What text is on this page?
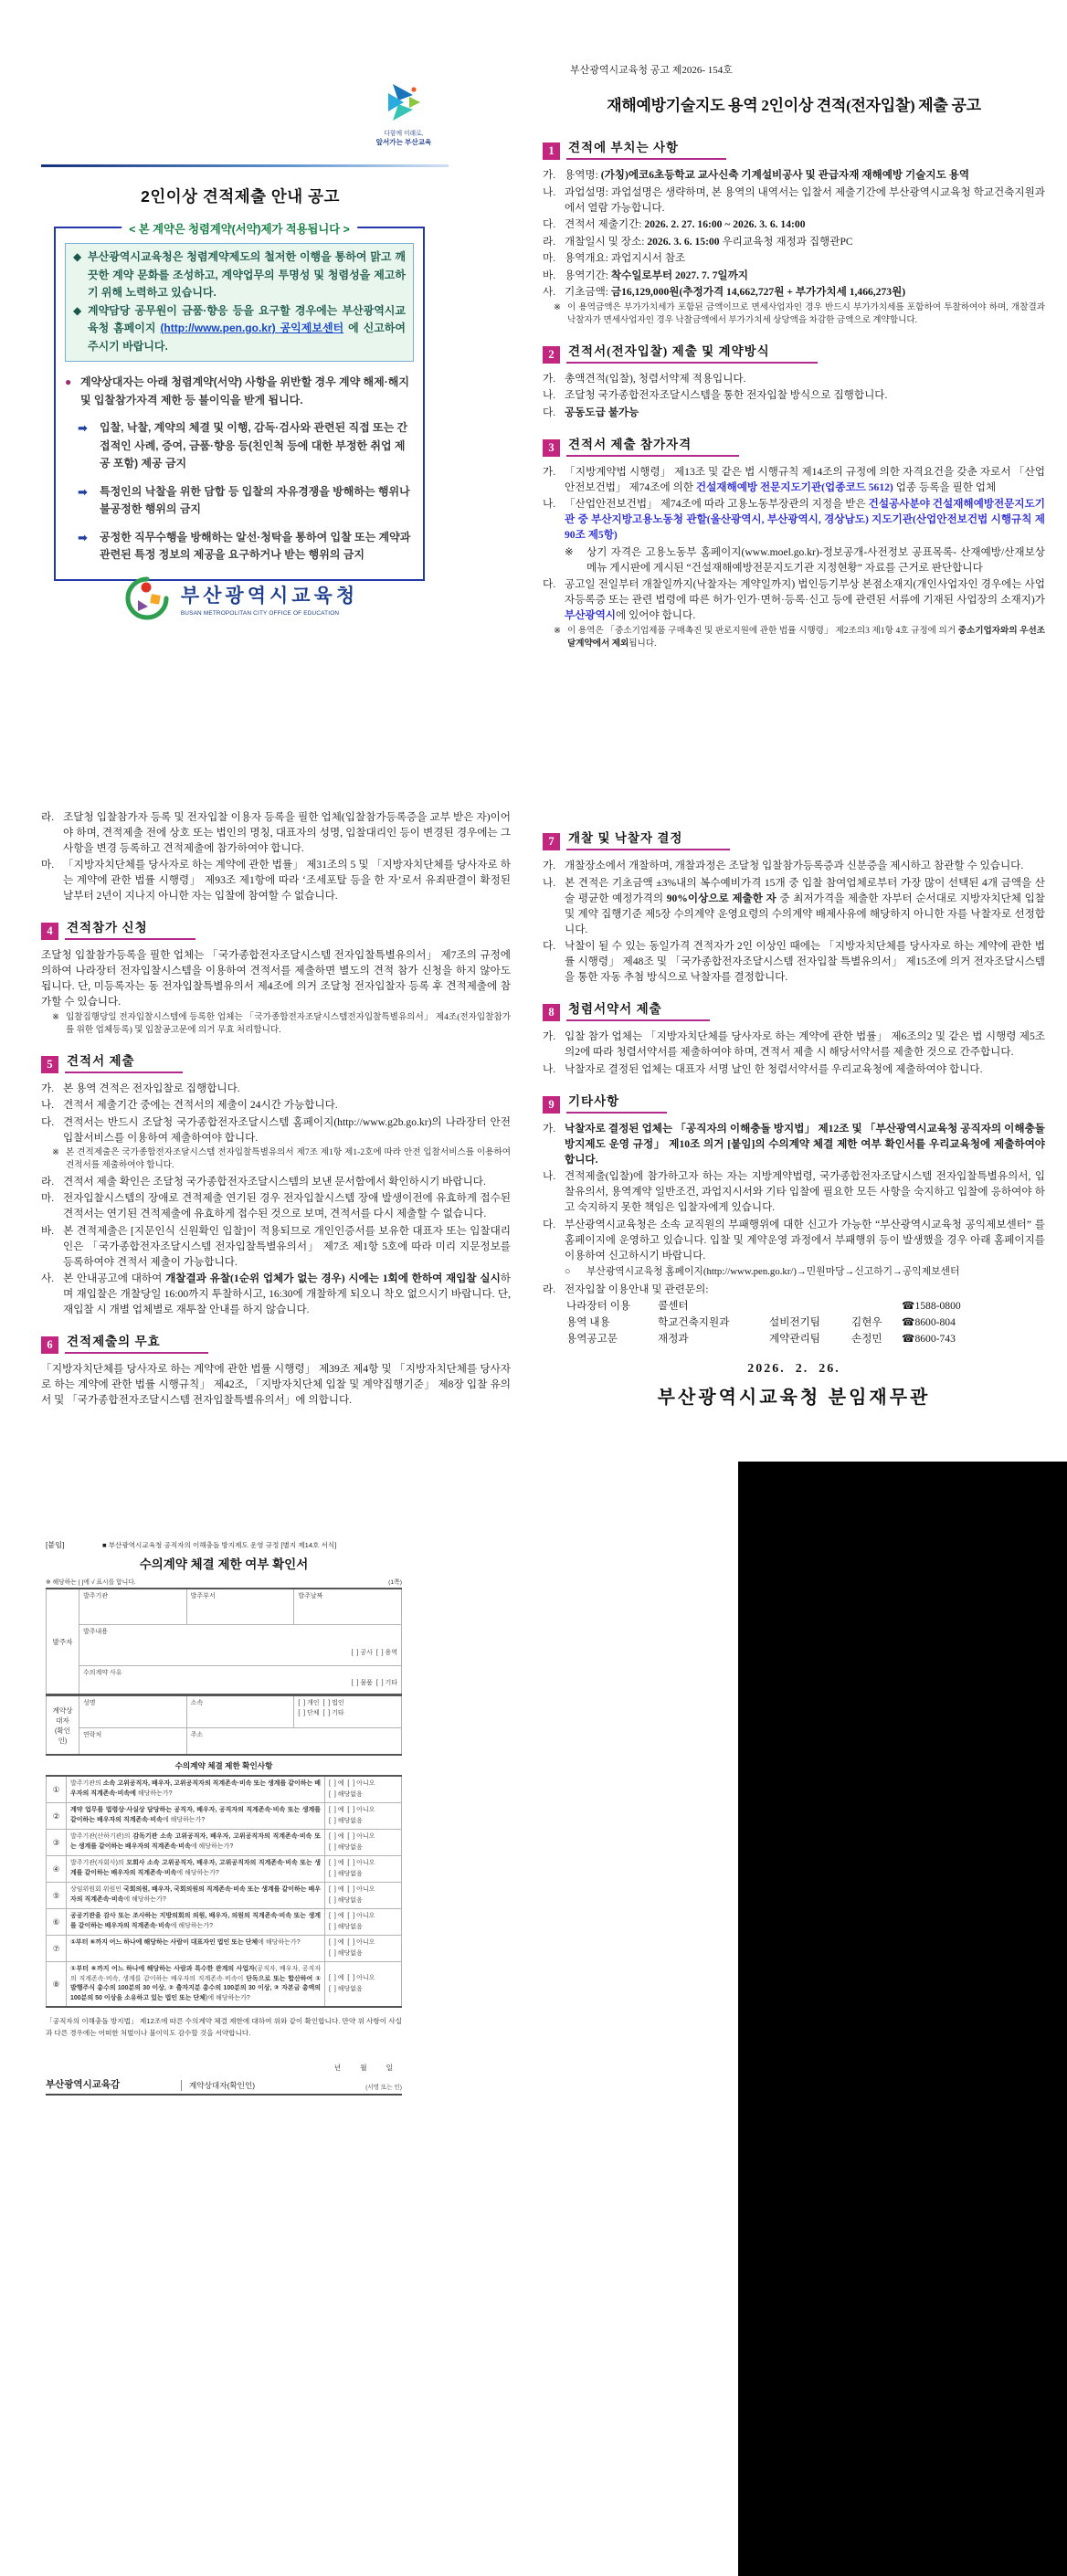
다함께 미래로,
앞서가는 부산교육
2인이상 견적제출 안내 공고
< 본 계약은 청렴계약(서약)제가 적용됩니다 >
◆ 부산광역시교육청은 청렴계약제도의 철저한 이행을 통하여 맑고 깨끗한 계약 문화를 조성하고, 계약업무의 투명성 및 청렴성을 제고하기 위해 노력하고 있습니다.
◆ 계약담당 공무원이 금품·향응 등을 요구할 경우에는 부산광역시교육청 홈페이지 (http://www.pen.go.kr) 공익제보센터 에 신고하여 주시기 바랍니다.
● 계약상대자는 아래 청렴계약(서약) 사항을 위반할 경우 계약 해제·해지 및 입찰참가자격 제한 등 불이익을 받게 됩니다.
➡	입찰, 낙찰, 계약의 체결 및 이행, 감독·검사와 관련된 직접 또는 간접적인 사례, 증여, 금품·향응 등(친인척 등에 대한 부정한 취업 제공 포함) 제공 금지
➡	특정인의 낙찰을 위한 담합 등 입찰의 자유경쟁을 방해하는 행위나 불공정한 행위의 금지
➡	공정한 직무수행을 방해하는 알선·청탁을 통하여 입찰 또는 계약과 관련된 특정 정보의 제공을 요구하거나 받는 행위의 금지
부산광역시교육청
BUSAN METROPOLITAN CITY OFFICE OF EDUCATION
부산광역시교육청 공고 제2026- 154호
재해예방기술지도 용역 2인이상 견적(전자입찰) 제출 공고
1	견적에 부치는 사항
가. 용역명: (가칭)에코6초등학교 교사신축 기계설비공사 및 관급자재 재해예방 기술지도 용역
나. 과업설명: 과업설명은 생략하며, 본 용역의 내역서는 입찰서 제출기간에 부산광역시교육청 학교건축지원과에서 열람 가능합니다.
다. 견적서 제출기간: 2026. 2. 27. 16:00 ~ 2026. 3. 6. 14:00
라. 개찰일시 및 장소: 2026. 3. 6. 15:00 우리교육청 재정과 집행관PC
마. 용역개요: 과업지시서 참조
바. 용역기간: 착수일로부터 2027. 7. 7일까지
사. 기초금액: 금16,129,000원(추정가격 14,662,727원 + 부가가치세 1,466,273원)
※ 이 용역금액은 부가가치세가 포함된 금액이므로 면세사업자인 경우 반드시 부가가치세를 포함하여 투찰하여야 하며, 개찰결과 낙찰자가 면세사업자인 경우 낙찰금액에서 부가가치세 상당액을 차감한 금액으로 계약합니다.
2	견적서(전자입찰) 제출 및 계약방식
가. 총액견적(입찰), 청렴서약제 적용입니다.
나. 조달청 국가종합전자조달시스템을 통한 전자입찰 방식으로 집행합니다.
다. 공동도급 불가능
3	견적서 제출 참가자격
가. 「지방계약법 시행령」 제13조 및 같은 법 시행규칙 제14조의 규정에 의한 자격요건을 갖춘 자로서 「산업안전보건법」 제74조에 의한 건설재해예방 전문지도기관(업종코드 5612) 업종 등록을 필한 업체
나. 「산업안전보건법」 제74조에 따라 고용노동부장관의 지정을 받은 건설공사분야 건설재해예방전문지도기관 중 부산지방고용노동청 관할(울산광역시, 부산광역시, 경상남도) 지도기관(산업안전보건법 시행규칙 제90조 제5항)
※	상기 자격은 고용노동부 홈페이지(www.moel.go.kr)-정보공개-사전정보 공표목록- 산재예방/산재보상 메뉴 게시판에 게시된 “건설재해예방전문지도기관 지정현황” 자료를 근거로 판단합니다
다. 공고일 전일부터 개찰일까지(낙찰자는 계약일까지) 법인등기부상 본점소재지(개인사업자인 경우에는 사업자등록증 또는 관련 법령에 따른 허가·인가·면허·등록·신고 등에 관련된 서류에 기재된 사업장의 소재지)가 부산광역시에 있어야 합니다.
※ 이 용역은 「중소기업제품 구매촉진 및 판로지원에 관한 법률 시행령」 제2조의3 제1항 4호 규정에 의거 중소기업자와의 우선조달계약에서 제외됩니다.
라. 조달청 입찰참가자 등록 및 전자입찰 이용자 등록을 필한 업체(입찰참가등록증을 교부 받은 자)이어야 하며, 견적제출 전에 상호 또는 법인의 명칭, 대표자의 성명, 입찰대리인 등이 변경된 경우에는 그 사항을 변경 등록하고 견적제출에 참가하여야 합니다.
마. 「지방자치단체를 당사자로 하는 계약에 관한 법률」 제31조의 5 및 「지방자치단체를 당사자로 하는 계약에 관한 법률 시행령」 제93조 제1항에 따라 ‘조세포탈 등을 한 자’로서 유죄판결이 확정된 날부터 2년이 지나지 아니한 자는 입찰에 참여할 수 없습니다.
4	견적참가 신청
조달청 입찰참가등록을 필한 업체는 「국가종합전자조달시스템 전자입찰특별유의서」 제7조의 규정에 의하여 나라장터 전자입찰시스템을 이용하여 견적서를 제출하면 별도의 견적 참가 신청을 하지 않아도 됩니다. 단, 미등록자는 동 전자입찰특별유의서 제4조에 의거 조달청 전자입찰자 등록 후 견적제출에 참가할 수 있습니다.
※ 입찰집행당일 전자입찰시스템에 등록한 업체는 「국가종합전자조달시스템전자입찰특별유의서」 제4조(전자입찰참가를 위한 업체등록) 및 입찰공고문에 의거 무효 처리합니다.
5	견적서 제출
가. 본 용역 견적은 전자입찰로 집행합니다.
나. 견적서 제출기간 중에는 견적서의 제출이 24시간 가능합니다.
다. 견적서는 반드시 조달청 국가종합전자조달시스템 홈페이지(http://www.g2b.go.kr)의 나라장터 안전입찰서비스를 이용하여 제출하여야 합니다.
※ 본 견적제출은 국가종합전자조달시스템 전자입찰특별유의서 제7조 제1항 제1-2호에 따라 안전 입찰서비스를 이용하여 견적서를 제출하여야 합니다.
라. 견적서 제출 확인은 조달청 국가종합전자조달시스템의 보낸 문서함에서 확인하시기 바랍니다.
마. 전자입찰시스템의 장애로 견적제출 연기된 경우 전자입찰시스템 장애 발생이전에 유효하게 접수된 견적서는 연기된 견적제출에 유효하게 접수된 것으로 보며, 견적서를 다시 제출할 수 없습니다.
바. 본 견적제출은 [지문인식 신원확인 입찰]이 적용되므로 개인인증서를 보유한 대표자 또는 입찰대리인은 「국가종합전자조달시스템 전자입찰특별유의서」 제7조 제1항 5호에 따라 미리 지문정보를 등록하여야 견적서 제출이 가능합니다.
사. 본 안내공고에 대하여 개찰결과 유찰(1순위 업체가 없는 경우) 시에는 1회에 한하여 재입찰 실시하며 재입찰은 개찰당일 16:00까지 투찰하시고, 16:30에 개찰하게 되오니 착오 없으시기 바랍니다. 단, 재입찰 시 개별 업체별로 재투찰 안내를 하지 않습니다.
6	견적제출의 무효
「지방자치단체를 당사자로 하는 계약에 관한 법률 시행령」 제39조 제4항 및 「지방자치단체를 당사자로 하는 계약에 관한 법률 시행규칙」 제42조, 「지방자치단체 입찰 및 계약집행기준」 제8장 입찰 유의서 및 「국가종합전자조달시스템 전자입찰특별유의서」에 의합니다.
7	개찰 및 낙찰자 결정
가. 개찰장소에서 개찰하며, 개찰과정은 조달청 입찰참가등록증과 신분증을 제시하고 참관할 수 있습니다.
나. 본 견적은 기초금액 ±3%내의 복수예비가격 15개 중 입찰 참여업체로부터 가장 많이 선택된 4개 금액을 산술 평균한 예정가격의 90%이상으로 제출한 자 중 최저가격을 제출한 자부터 순서대로 지방자치단체 입찰 및 계약 집행기준 제5장 수의계약 운영요령의 수의계약 배제사유에 해당하지 아니한 자를 낙찰자로 선정합니다.
다. 낙찰이 될 수 있는 동일가격 견적자가 2인 이상인 때에는 「지방자치단체를 당사자로 하는 계약에 관한 법률 시행령」 제48조 및 「국가종합전자조달시스템 전자입찰 특별유의서」 제15조에 의거 전자조달시스템을 통한 자동 추첨 방식으로 낙찰자를 결정합니다.
8	청렴서약서 제출
가. 입찰 참가 업체는 「지방자치단체를 당사자로 하는 계약에 관한 법률」 제6조의2 및 같은 법 시행령 제5조의2에 따라 청렴서약서를 제출하여야 하며, 견적서 제출 시 해당서약서를 제출한 것으로 간주합니다.
나. 낙찰자로 결정된 업체는 대표자 서명 날인 한 청렴서약서를 우리교육청에 제출하여야 합니다.
9	기타사항
가. 낙찰자로 결정된 업체는 「공직자의 이해충돌 방지법」 제12조 및 「부산광역시교육청 공직자의 이해충돌 방지제도 운영 규정」 제10조 의거 [붙임]의 수의계약 체결 제한 여부 확인서를 우리교육청에 제출하여야 합니다.
나. 견적제출(입찰)에 참가하고자 하는 자는 지방계약법령, 국가종합전자조달시스템 전자입찰특별유의서, 입찰유의서, 용역계약 일반조건, 과업지시서와 기타 입찰에 필요한 모든 사항을 숙지하고 입찰에 응하여야 하고 숙지하지 못한 책임은 입찰자에게 있습니다.
다. 부산광역시교육청은 소속 교직원의 부패행위에 대한 신고가 가능한 “부산광역시교육청 공익제보센터” 를 홈페이지에 운영하고 있습니다. 입찰 및 계약운영 과정에서 부패행위 등이 발생했을 경우 아래 홈페이지를 이용하여 신고하시기 바랍니다.
○	부산광역시교육청 홈페이지(http://www.pen.go.kr/)→민원마당→신고하기→공익제보센터
라. 전자입찰 이용안내 및 관련문의:
나라장터 이용	콜센터	☎1588-0800
용역 내용	학교건축지원과	설비전기팀	김현우	☎8600-804
용역공고문	재정과	계약관리팀	손정민	☎8600-743
2026.  2.  26.
부산광역시교육청 분임재무관
[붙임]	■ 부산광역시교육청 공직자의 이해충돌 방지제도 운영 규정 [별지 제14호 서식]
수의계약 체결 제한 여부 확인서
※ 해당하는 [ ]에 √ 표시를 합니다.	(1쪽)
발주자	발주기관	발주부서	발주날짜
발주내용

[  ] 공사  [  ] 용역

[  ] 물품  [  ] 기타

수의계약 사유
계약상대자
(확인인)
	성명	소속	[  ] 개인  [  ] 법인
[  ] 단체  [  ] 기타

	연락처	주소	
수의계약 체결 제한 확인사항
①	발주기관의 소속 고위공직자, 배우자, 고위공직자의 직계존속·비속 또는 생계를 같이하는 배우자의 직계존속·비속에 해당하는가?	[  ] 예  [  ] 아니오
[  ] 해당없음

②	계약 업무를 법령상·사실상 담당하는 공직자, 배우자, 공직자의 직계존속·비속 또는 생계를 같이하는 배우자의 직계존속·비속에 해당하는가?	[  ] 예  [  ] 아니오
[  ] 해당없음

③	발주기관(산하기관)의 감독기관 소속 고위공직자, 배우자, 고위공직자의 직계존속·비속 또는 생계를 같이하는 배우자의 직계존속·비속에 해당하는가?	[  ] 예  [  ] 아니오
[  ] 해당없음

④	발주기관(자회사)의 모회사 소속 고위공직자, 배우자, 고위공직자의 직계존속·비속 또는 생계를 같이하는 배우자의 직계존속·비속에 해당하는가?	[  ] 예  [  ] 아니오
[  ] 해당없음

⑤	상임위원회 위원인 국회의원, 배우자, 국회의원의 직계존속·비속 또는 생계를 같이하는 배우자의 직계존속·비속에 해당하는가?	[  ] 예  [  ] 아니오
[  ] 해당없음

⑥	공공기관을 감사 또는 조사하는 지방의회의 의원, 배우자, 의원의 직계존속·비속 또는 생계를 같이하는 배우자의 직계존속·비속에 해당하는가?	[  ] 예  [  ] 아니오
[  ] 해당없음

⑦	①부터 ⑥까지 어느 하나에 해당하는 사람이 대표자인 법인 또는 단체에 해당하는가?	[  ] 예  [  ] 아니오
[  ] 해당없음

⑧	①부터 ⑥까지 어느 하나에 해당하는 사람과 특수한 관계의 사업자(공직자, 배우자, 공직자의 직계존속·비속, 생계를 같이하는 배우자의 직계존속·비속이 단독으로 또는 합산하여 ① 발행주식 총수의 100분의 30 이상, ② 출자지분 총수의 100분의 30 이상, ③ 자본금 총액의 100분의 50 이상을 소유하고 있는 법인 또는 단체)에 해당하는가?	[  ] 예  [  ] 아니오
[  ] 해당없음
「공직자의 이해충돌 방지법」 제12조에 따른 수의계약 체결 제한에 대하여 위와 같이 확인합니다. 만약 위 사항이 사실과 다른 경우에는 어떠한 처벌이나 불이익도 감수할 것을 서약합니다.
년          월          일
부산광역시교육감	계약상대자(확인인)	(서명 또는 인)
